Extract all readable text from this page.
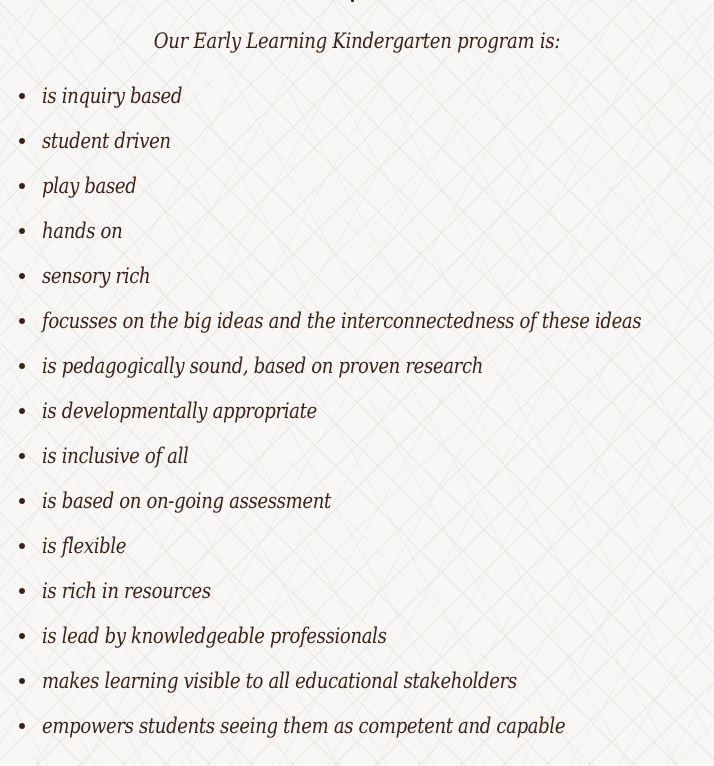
Our Early Learning Kindergarten program is:
is inquiry based
student driven
play based
hands on
sensory rich
focusses on the big ideas and the interconnectedness of these ideas
is pedagogically sound, based on proven research
is developmentally appropriate
is inclusive of all
is based on on-going assessment
is flexible
is rich in resources
is lead by knowledgeable professionals
makes learning visible to all educational stakeholders
empowers students seeing them as competent and capable
